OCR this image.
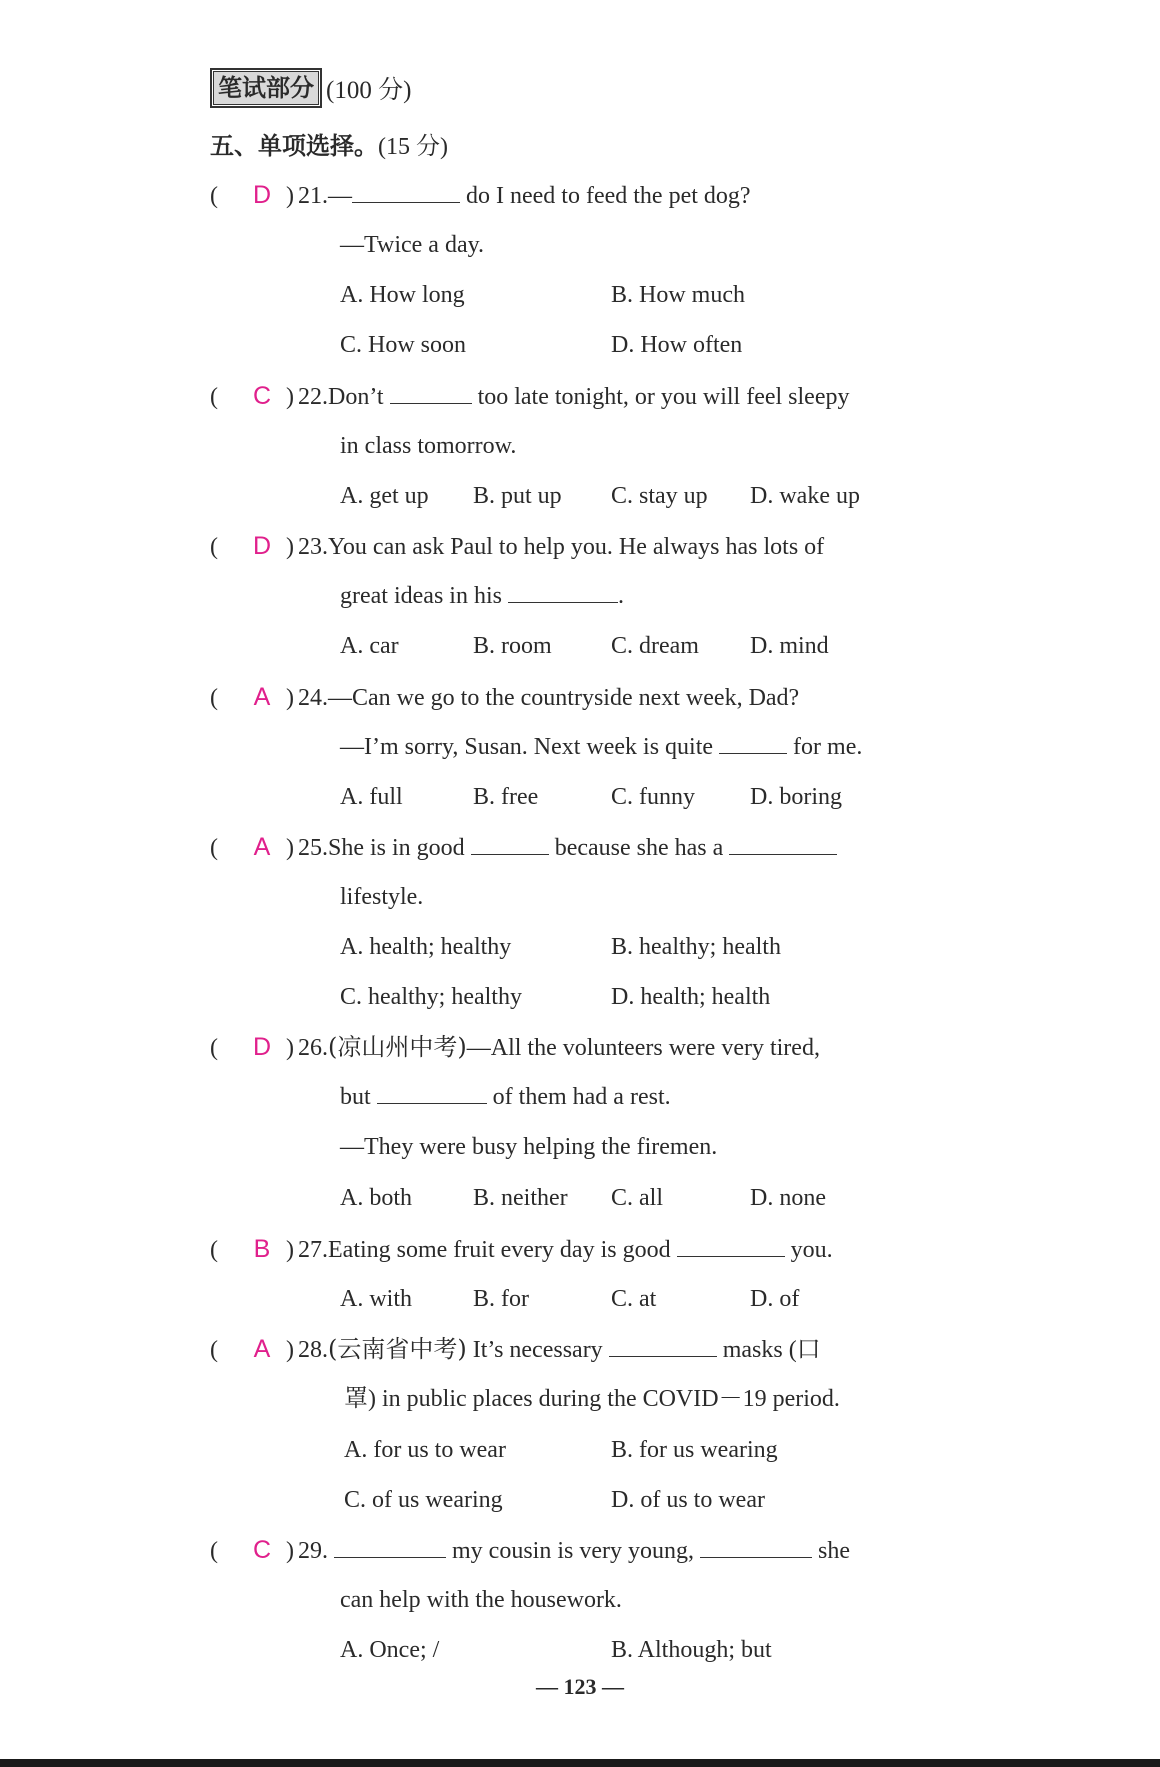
笔试部分 (100 分)
五、单项选择。(15 分)
( D ) 21.—	do I need to feed the pet dog?
—Twice a day.
A. How long	B. How much
C. How soon	D. How often
( C ) 22.Don’t	too late tonight, or you will feel sleepy
in class tomorrow.
A. get up B. put up C. stay up D. wake up
( D ) 23.You can ask Paul to help you. He always has lots of
great ideas in his	.
A. car	B. room C. dream D. mind
( A ) 24.—Can we go to the countryside next week, Dad?
—I’m sorry, Susan. Next week is quite	for me.
A. full	B. free	C. funny D. boring
( A ) 25.She is in good	because she has a
lifestyle.
A. health; healthy	B. healthy; health
C. healthy; healthy	D. health; health
( D ) 26.(凉山州中考)—All the volunteers were very tired,
but	of them had a rest.
—They were busy helping the firemen.
A. both	B. neither C. all	D. none
( B ) 27.Eating some fruit every day is good	you.
A. with	B. for	C. at	D. of
( A ) 28.(云南省中考) It’s necessary	masks (口
罩) in public places during the COVID－19 period.
A. for us to wear	B. for us wearing
C. of us wearing	D. of us to wear
( C ) 29.	my cousin is very young,	she
can help with the housework.
A. Once; /	B. Although; but
— 123 —
